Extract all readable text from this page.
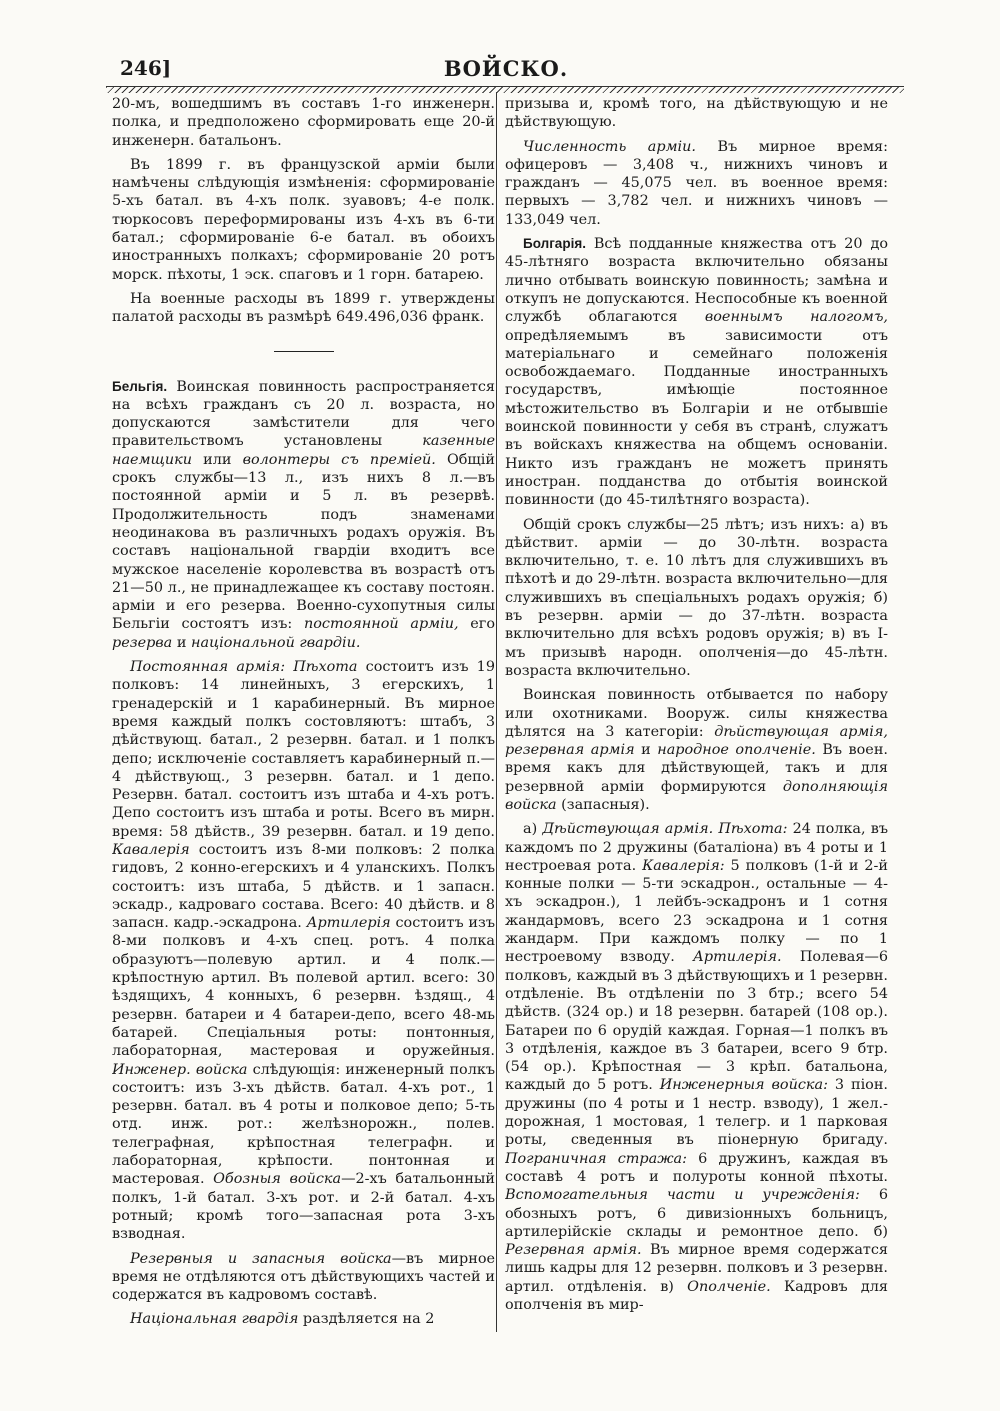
246]	ВОЙСКО.

20-мъ, вошедшимъ въ составъ 1-го инженерн. полка, и предположено сформировать еще 20-й инженерн. батальонъ.

Въ 1899 г. въ французской арміи были намѣчены слѣдующія измѣненія: сформированіе 5-хъ батал. въ 4-хъ полк. зуавовъ; 4-е полк. тюркосовъ переформированы изъ 4-хъ въ 6-ти батал.; сформированіе 6-е батал. въ обоихъ иностранныхъ полкахъ; сформированіе 20 ротъ морск. пѣхоты, 1 эск. спаговъ и 1 горн. батарею.

На военные расходы въ 1899 г. утверждены палатой расходы въ размѣрѣ 649.496,036 франк.

Бельгія. Воинская повинность распространяется на всѣхъ гражданъ съ 20 л. возраста, но допускаются замѣстители для чего правительствомъ установлены казенные наемщики или волонтеры съ преміей. Общій срокъ службы—13 л., изъ нихъ 8 л.—въ постоянной арміи и 5 л. въ резервѣ. Продолжительность подъ знаменами неодинакова въ различныхъ родахъ оружія. Въ составъ національной гвардіи входитъ все мужское населеніе королевства въ возрастѣ отъ 21—50 л., не принадлежащее къ составу постоян. арміи и его резерва. Военно-сухопутныя силы Бельгіи состоятъ изъ: постоянной арміи, его резерва и національной гвардіи.

Постоянная армія: Пѣхота состоитъ изъ 19 полковъ: 14 линейныхъ, 3 егерскихъ, 1 гренадерскій и 1 карабинерный. Въ мирное время каждый полкъ состовляютъ: штабъ, 3 дѣйствующ. батал., 2 резервн. батал. и 1 полкъ депо; исключеніе составляетъ карабинерный п.—4 дѣйствующ., 3 резервн. батал. и 1 депо. Резервн. батал. состоитъ изъ штаба и 4-хъ ротъ. Депо состоитъ изъ штаба и роты. Всего въ мирн. время: 58 дѣйств., 39 резервн. батал. и 19 депо. Кавалерія состоитъ изъ 8-ми полковъ: 2 полка гидовъ, 2 конно-егерскихъ и 4 уланскихъ. Полкъ состоитъ: изъ штаба, 5 дѣйств. и 1 запасн. эскадр., кадроваго состава. Всего: 40 дѣйств. и 8 запасн. кадр.-эскадрона. Артилерія состоитъ изъ 8-ми полковъ и 4-хъ спец. ротъ. 4 полка образуютъ—полевую артил. и 4 полк.—крѣпостную артил. Въ полевой артил. всего: 30 ѣздящихъ, 4 конныхъ, 6 резервн. ѣздящ., 4 резервн. батареи и 4 батареи-депо, всего 48-мь батарей. Спеціальныя роты: понтонныя, лабораторная, мастеровая и оружейныя. Инженер. войска слѣдующія: инженерный полкъ состоитъ: изъ 3-хъ дѣйств. батал. 4-хъ рот., 1 резервн. батал. въ 4 роты и полковое депо; 5-ть отд. инж. рот.: желѣзнорожн., полев. телеграфная, крѣпостная телеграфн. и лабораторная, крѣпости. понтонная и мастеровая. Обозныя войска—2-хъ батальонный полкъ, 1-й батал. 3-хъ рот. и 2-й батал. 4-хъ ротный; кромѣ того—запасная рота 3-хъ взводная.

Резервныя и запасныя войска—въ мирное время не отдѣляются отъ дѣйствующихъ частей и содержатся въ кадровомъ составѣ.

Національная гвардія раздѣляется на 2

призыва и, кромѣ того, на дѣйствующую и не дѣйствующую.

Численность арміи. Въ мирное время: офицеровъ — 3,408 ч., нижнихъ чиновъ и гражданъ — 45,075 чел. въ военное время: первыхъ — 3,782 чел. и нижнихъ чиновъ — 133,049 чел.

Болгарія. Всѣ подданные княжества отъ 20 до 45-лѣтняго возраста включительно обязаны лично отбывать воинскую повинность; замѣна и откупъ не допускаются. Неспособные къ военной службѣ облагаются военнымъ налогомъ, опредѣляемымъ въ зависимости отъ матеріальнаго и семейнаго положенія освобождаемаго. Подданные иностранныхъ государствъ, имѣющіе постоянное мѣстожительство въ Болгаріи и не отбывшіе воинской повинности у себя въ странѣ, служатъ въ войскахъ княжества на общемъ основаніи. Никто изъ гражданъ не можетъ принять иностран. подданства до отбытія воинской повинности (до 45-тилѣтняго возраста).

Общій срокъ службы—25 лѣтъ; изъ нихъ: а) въ дѣйствит. арміи — до 30-лѣтн. возраста включительно, т. е. 10 лѣтъ для служившихъ въ пѣхотѣ и до 29-лѣтн. возраста включительно—для служившихъ въ спеціальныхъ родахъ оружія; б) въ резервн. арміи — до 37-лѣтн. возраста включительно для всѣхъ родовъ оружія; в) въ I-мъ призывѣ народн. ополченія—до 45-лѣтн. возраста включительно.

Воинская повинность отбывается по набору или охотниками. Вооруж. силы княжества дѣлятся на 3 категоріи: дѣйствующая армія, резервная армія и народное ополченіе. Въ воен. время какъ для дѣйствующей, такъ и для резервной арміи формируются дополняющія войска (запасныя).

а) Дѣйствующая армія. Пѣхота: 24 полка, въ каждомъ по 2 дружины (баталіона) въ 4 роты и 1 нестроевая рота. Кавалерія: 5 полковъ (1-й и 2-й конные полки — 5-ти эскадрон., остальные — 4-хъ эскадрон.), 1 лейбъ-эскадронъ и 1 сотня жандармовъ, всего 23 эскадрона и 1 сотня жандарм. При каждомъ полку — по 1 нестроевому взводу. Артилерія. Полевая—6 полковъ, каждый въ 3 дѣйствующихъ и 1 резервн. отдѣленіе. Въ отдѣленіи по 3 бтр.; всего 54 дѣйств. (324 ор.) и 18 резервн. батарей (108 ор.). Батареи по 6 орудій каждая. Горная—1 полкъ въ 3 отдѣленія, каждое въ 3 батареи, всего 9 бтр. (54 ор.). Крѣпостная — 3 крѣп. батальона, каждый до 5 ротъ. Инженерныя войска: 3 піон. дружины (по 4 роты и 1 нестр. взводу), 1 жел.-дорожная, 1 мостовая, 1 телегр. и 1 парковая роты, сведенныя въ піонерную бригаду. Пограничная стража: 6 дружинъ, каждая въ составѣ 4 ротъ и полуроты конной пѣхоты. Вспомогательныя части и учрежденія: 6 обозныхъ ротъ, 6 дивизіонныхъ больницъ, артилерійскіе склады и ремонтное депо. б) Резервная армія. Въ мирное время содержатся лишь кадры для 12 резервн. полковъ и 3 резервн. артил. отдѣленія. в) Ополченіе. Кадровъ для ополченія въ мир-
